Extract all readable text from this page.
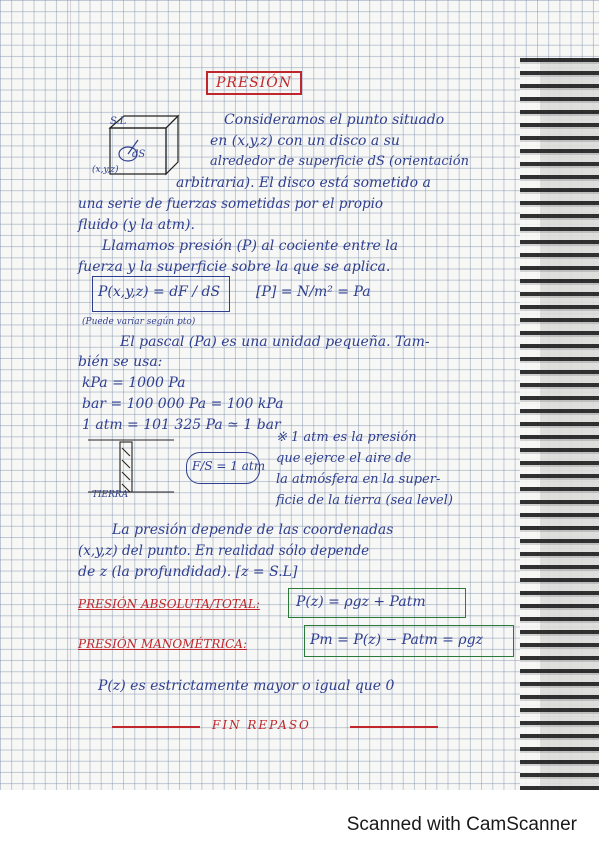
PRESIÓN
S.L
dS
(x,y,z)
Consideramos el punto situado
en (x,y,z) con un disco a su
alrededor de superficie dS (orientación
arbitraria). El disco está sometido a
una serie de fuerzas sometidas por el propio
fluido (y la atm).
Llamamos presión (P) al cociente entre la
fuerza y la superficie sobre la que se aplica.
P(x,y,z) = dF / dS	[P] = N/m² = Pa
(Puede variar según pto)
El pascal (Pa) es una unidad pequeña. Tam-
bién se usa:
kPa = 1000 Pa
bar = 100 000 Pa = 100 kPa
1 atm = 101 325 Pa ≃ 1 bar
TIERRA
F/S = 1 atm
※ 1 atm es la presión
que ejerce el aire de
la atmósfera en la super-
ficie de la tierra (sea level)
La presión depende de las coordenadas
(x,y,z) del punto. En realidad sólo depende
de z (la profundidad). [z = S.L]
PRESIÓN ABSOLUTA/TOTAL:	P(z) = ρgz + Patm
PRESIÓN MANOMÉTRICA:	Pm = P(z) − Patm = ρgz
P(z) es estrictamente mayor o igual que 0
FIN REPASO
Scanned with CamScanner
